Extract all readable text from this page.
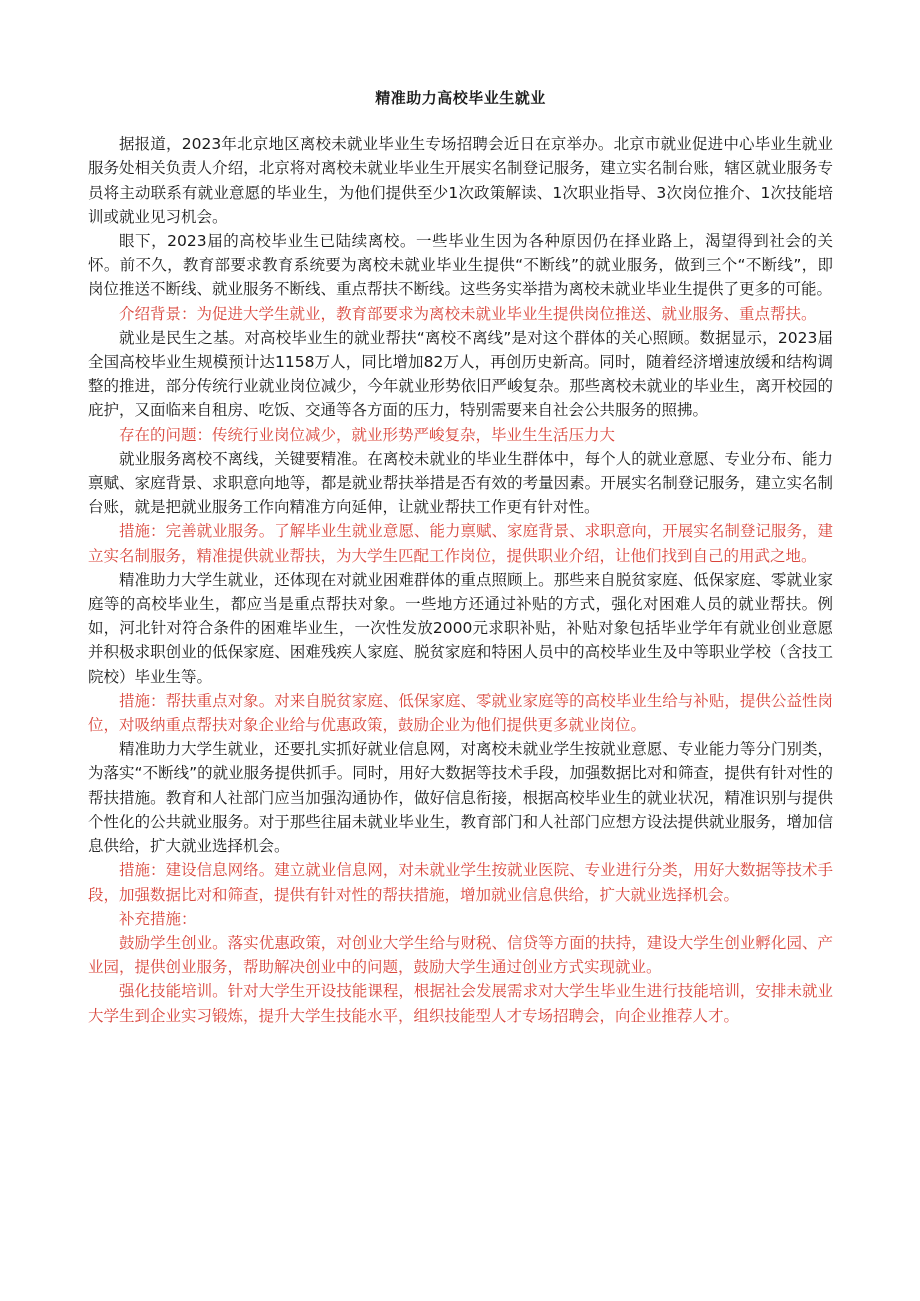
精准助力高校毕业生就业

据报道，2023年北京地区离校未就业毕业生专场招聘会近日在京举办。北京市就业促进中心毕业生就业服务处相关负责人介绍，北京将对离校未就业毕业生开展实名制登记服务，建立实名制台账，辖区就业服务专员将主动联系有就业意愿的毕业生，为他们提供至少1次政策解读、1次职业指导、3次岗位推介、1次技能培训或就业见习机会。

眼下，2023届的高校毕业生已陆续离校。一些毕业生因为各种原因仍在择业路上，渴望得到社会的关怀。前不久，教育部要求教育系统要为离校未就业毕业生提供“不断线”的就业服务，做到三个“不断线”，即岗位推送不断线、就业服务不断线、重点帮扶不断线。这些务实举措为离校未就业毕业生提供了更多的可能。

介绍背景：为促进大学生就业，教育部要求为离校未就业毕业生提供岗位推送、就业服务、重点帮扶。

就业是民生之基。对高校毕业生的就业帮扶“离校不离线”是对这个群体的关心照顾。数据显示，2023届全国高校毕业生规模预计达1158万人，同比增加82万人，再创历史新高。同时，随着经济增速放缓和结构调整的推进，部分传统行业就业岗位减少，今年就业形势依旧严峻复杂。那些离校未就业的毕业生，离开校园的庇护，又面临来自租房、吃饭、交通等各方面的压力，特别需要来自社会公共服务的照拂。

存在的问题：传统行业岗位减少，就业形势严峻复杂，毕业生生活压力大

就业服务离校不离线，关键要精准。在离校未就业的毕业生群体中，每个人的就业意愿、专业分布、能力禀赋、家庭背景、求职意向地等，都是就业帮扶举措是否有效的考量因素。开展实名制登记服务，建立实名制台账，就是把就业服务工作向精准方向延伸，让就业帮扶工作更有针对性。

措施：完善就业服务。了解毕业生就业意愿、能力禀赋、家庭背景、求职意向，开展实名制登记服务，建立实名制服务，精准提供就业帮扶，为大学生匹配工作岗位，提供职业介绍，让他们找到自己的用武之地。

精准助力大学生就业，还体现在对就业困难群体的重点照顾上。那些来自脱贫家庭、低保家庭、零就业家庭等的高校毕业生，都应当是重点帮扶对象。一些地方还通过补贴的方式，强化对困难人员的就业帮扶。例如，河北针对符合条件的困难毕业生，一次性发放2000元求职补贴，补贴对象包括毕业学年有就业创业意愿并积极求职创业的低保家庭、困难残疾人家庭、脱贫家庭和特困人员中的高校毕业生及中等职业学校（含技工院校）毕业生等。

措施：帮扶重点对象。对来自脱贫家庭、低保家庭、零就业家庭等的高校毕业生给与补贴，提供公益性岗位，对吸纳重点帮扶对象企业给与优惠政策，鼓励企业为他们提供更多就业岗位。

精准助力大学生就业，还要扎实抓好就业信息网，对离校未就业学生按就业意愿、专业能力等分门别类，为落实“不断线”的就业服务提供抓手。同时，用好大数据等技术手段，加强数据比对和筛查，提供有针对性的帮扶措施。教育和人社部门应当加强沟通协作，做好信息衔接，根据高校毕业生的就业状况，精准识别与提供个性化的公共就业服务。对于那些往届未就业毕业生，教育部门和人社部门应想方设法提供就业服务，增加信息供给，扩大就业选择机会。

措施：建设信息网络。建立就业信息网，对未就业学生按就业医院、专业进行分类，用好大数据等技术手段，加强数据比对和筛查，提供有针对性的帮扶措施，增加就业信息供给，扩大就业选择机会。

补充措施：

鼓励学生创业。落实优惠政策，对创业大学生给与财税、信贷等方面的扶持，建设大学生创业孵化园、产业园，提供创业服务，帮助解决创业中的问题，鼓励大学生通过创业方式实现就业。

强化技能培训。针对大学生开设技能课程，根据社会发展需求对大学生毕业生进行技能培训，安排未就业大学生到企业实习锻炼，提升大学生技能水平，组织技能型人才专场招聘会，向企业推荐人才。
